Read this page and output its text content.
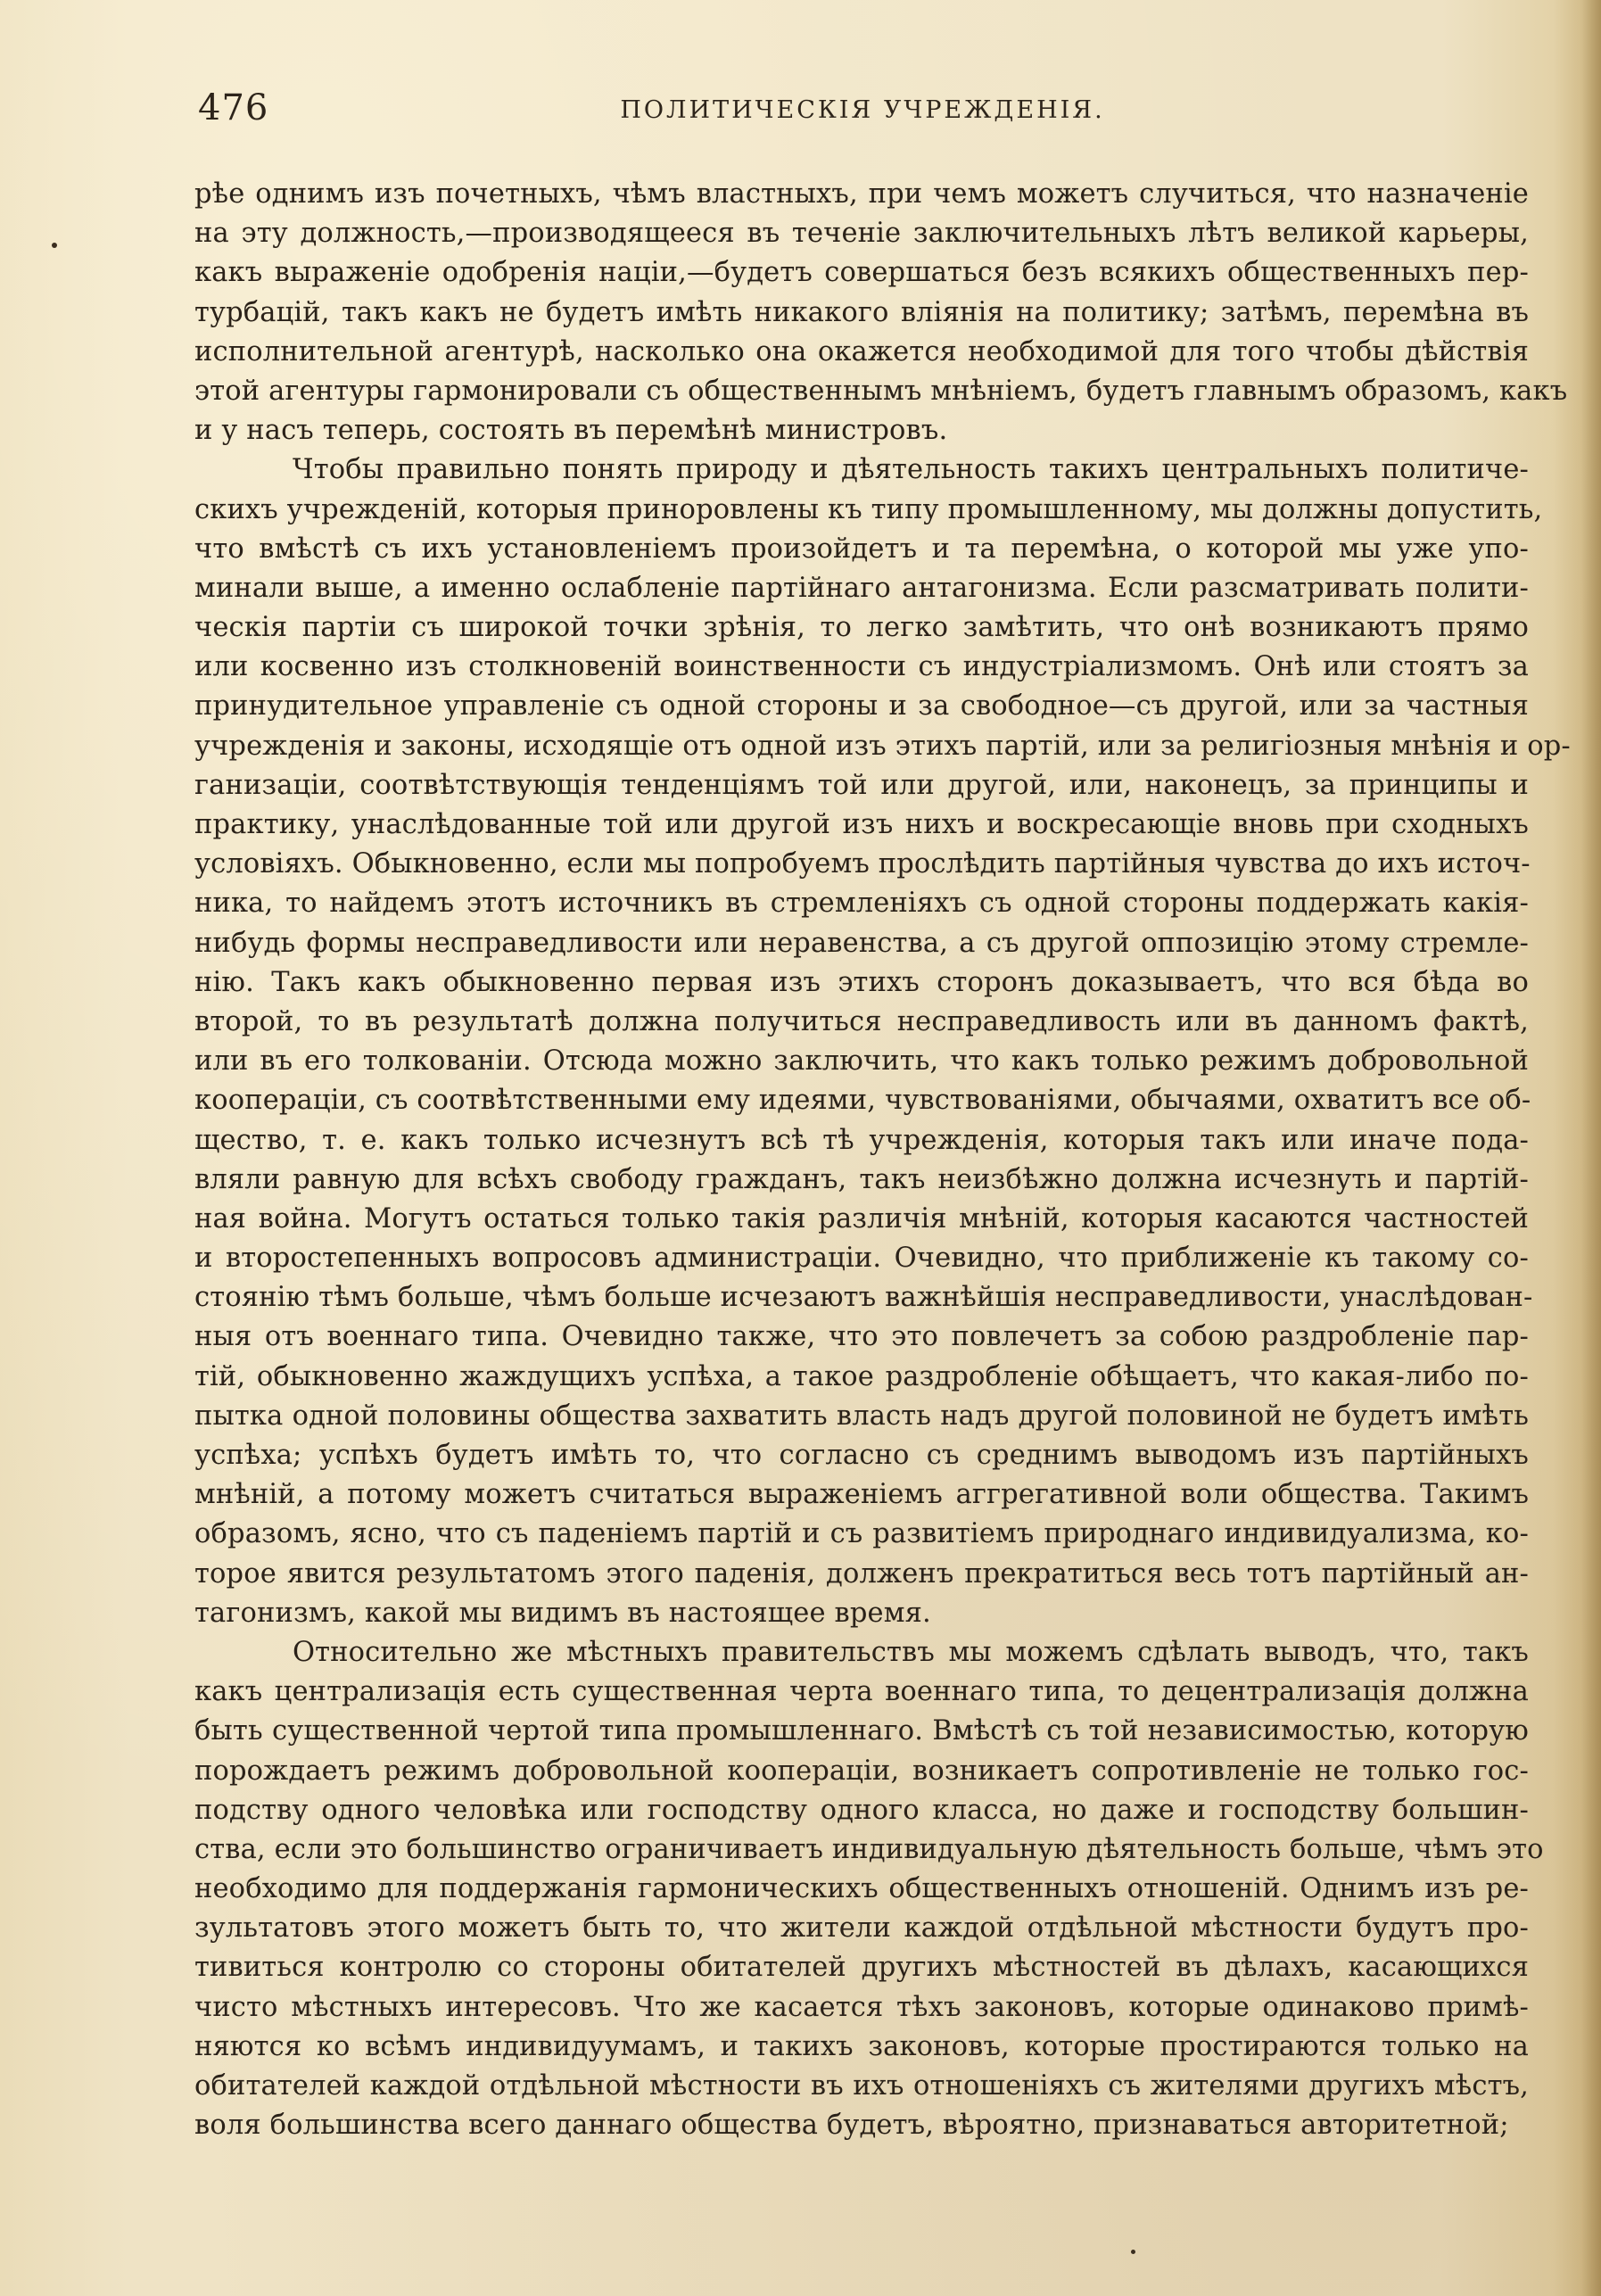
476	ПОЛИТИЧЕСКІЯ УЧРЕЖДЕНІЯ.
рѣе однимъ изъ почетныхъ, чѣмъ властныхъ, при чемъ можетъ случиться, что назначеніе
на эту должность,—производящееся въ теченіе заключительныхъ лѣтъ великой карьеры,
какъ выраженіе одобренія націи,—будетъ совершаться безъ всякихъ общественныхъ пер-
турбацій, такъ какъ не будетъ имѣть никакого вліянія на политику; затѣмъ, перемѣна въ
исполнительной агентурѣ, насколько она окажется необходимой для того чтобы дѣйствія
этой агентуры гармонировали съ общественнымъ мнѣніемъ, будетъ главнымъ образомъ, какъ
и у насъ теперь, состоять въ перемѣнѣ министровъ.
Чтобы правильно понять природу и дѣятельность такихъ центральныхъ политиче-
скихъ учрежденій, которыя приноровлены къ типу промышленному, мы должны допустить,
что вмѣстѣ съ ихъ установленіемъ произойдетъ и та перемѣна, о которой мы уже упо-
минали выше, а именно ослабленіе партійнаго антагонизма. Если разсматривать полити-
ческія партіи съ широкой точки зрѣнія, то легко замѣтить, что онѣ возникаютъ прямо
или косвенно изъ столкновеній воинственности съ индустріализмомъ. Онѣ или стоятъ за
принудительное управленіе съ одной стороны и за свободное—съ другой, или за частныя
учрежденія и законы, исходящіе отъ одной изъ этихъ партій, или за религіозныя мнѣнія и ор-
ганизаціи, соотвѣтствующія тенденціямъ той или другой, или, наконецъ, за принципы и
практику, унаслѣдованные той или другой изъ нихъ и воскресающіе вновь при сходныхъ
условіяхъ. Обыкновенно, если мы попробуемъ прослѣдить партійныя чувства до ихъ источ-
ника, то найдемъ этотъ источникъ въ стремленіяхъ съ одной стороны поддержать какія-
нибудь формы несправедливости или неравенства, а съ другой оппозицію этому стремле-
нію. Такъ какъ обыкновенно первая изъ этихъ сторонъ доказываетъ, что вся бѣда во
второй, то въ результатѣ должна получиться несправедливость или въ данномъ фактѣ,
или въ его толкованіи. Отсюда можно заключить, что какъ только режимъ добровольной
коопераціи, съ соотвѣтственными ему идеями, чувствованіями, обычаями, охватитъ все об-
щество, т. е. какъ только исчезнутъ всѣ тѣ учрежденія, которыя такъ или иначе пода-
вляли равную для всѣхъ свободу гражданъ, такъ неизбѣжно должна исчезнуть и партій-
ная война. Могутъ остаться только такія различія мнѣній, которыя касаются частностей
и второстепенныхъ вопросовъ администраціи. Очевидно, что приближеніе къ такому со-
стоянію тѣмъ больше, чѣмъ больше исчезаютъ важнѣйшія несправедливости, унаслѣдован-
ныя отъ военнаго типа. Очевидно также, что это повлечетъ за собою раздробленіе пар-
тій, обыкновенно жаждущихъ успѣха, а такое раздробленіе обѣщаетъ, что какая-либо по-
пытка одной половины общества захватить власть надъ другой половиной не будетъ имѣть
успѣха; успѣхъ будетъ имѣть то, что согласно съ среднимъ выводомъ изъ партійныхъ
мнѣній, а потому можетъ считаться выраженіемъ аггрегативной воли общества. Такимъ
образомъ, ясно, что съ паденіемъ партій и съ развитіемъ природнаго индивидуализма, ко-
торое явится результатомъ этого паденія, долженъ прекратиться весь тотъ партійный ан-
тагонизмъ, какой мы видимъ въ настоящее время.
Относительно же мѣстныхъ правительствъ мы можемъ сдѣлать выводъ, что, такъ
какъ централизація есть существенная черта военнаго типа, то децентрализація должна
быть существенной чертой типа промышленнаго. Вмѣстѣ съ той независимостью, которую
порождаетъ режимъ добровольной коопераціи, возникаетъ сопротивленіе не только гос-
подству одного человѣка или господству одного класса, но даже и господству большин-
ства, если это большинство ограничиваетъ индивидуальную дѣятельность больше, чѣмъ это
необходимо для поддержанія гармоническихъ общественныхъ отношеній. Однимъ изъ ре-
зультатовъ этого можетъ быть то, что жители каждой отдѣльной мѣстности будутъ про-
тивиться контролю со стороны обитателей другихъ мѣстностей въ дѣлахъ, касающихся
чисто мѣстныхъ интересовъ. Что же касается тѣхъ законовъ, которые одинаково примѣ-
няются ко всѣмъ индивидуумамъ, и такихъ законовъ, которые простираются только на
обитателей каждой отдѣльной мѣстности въ ихъ отношеніяхъ съ жителями другихъ мѣстъ,
воля большинства всего даннаго общества будетъ, вѣроятно, признаваться авторитетной;
